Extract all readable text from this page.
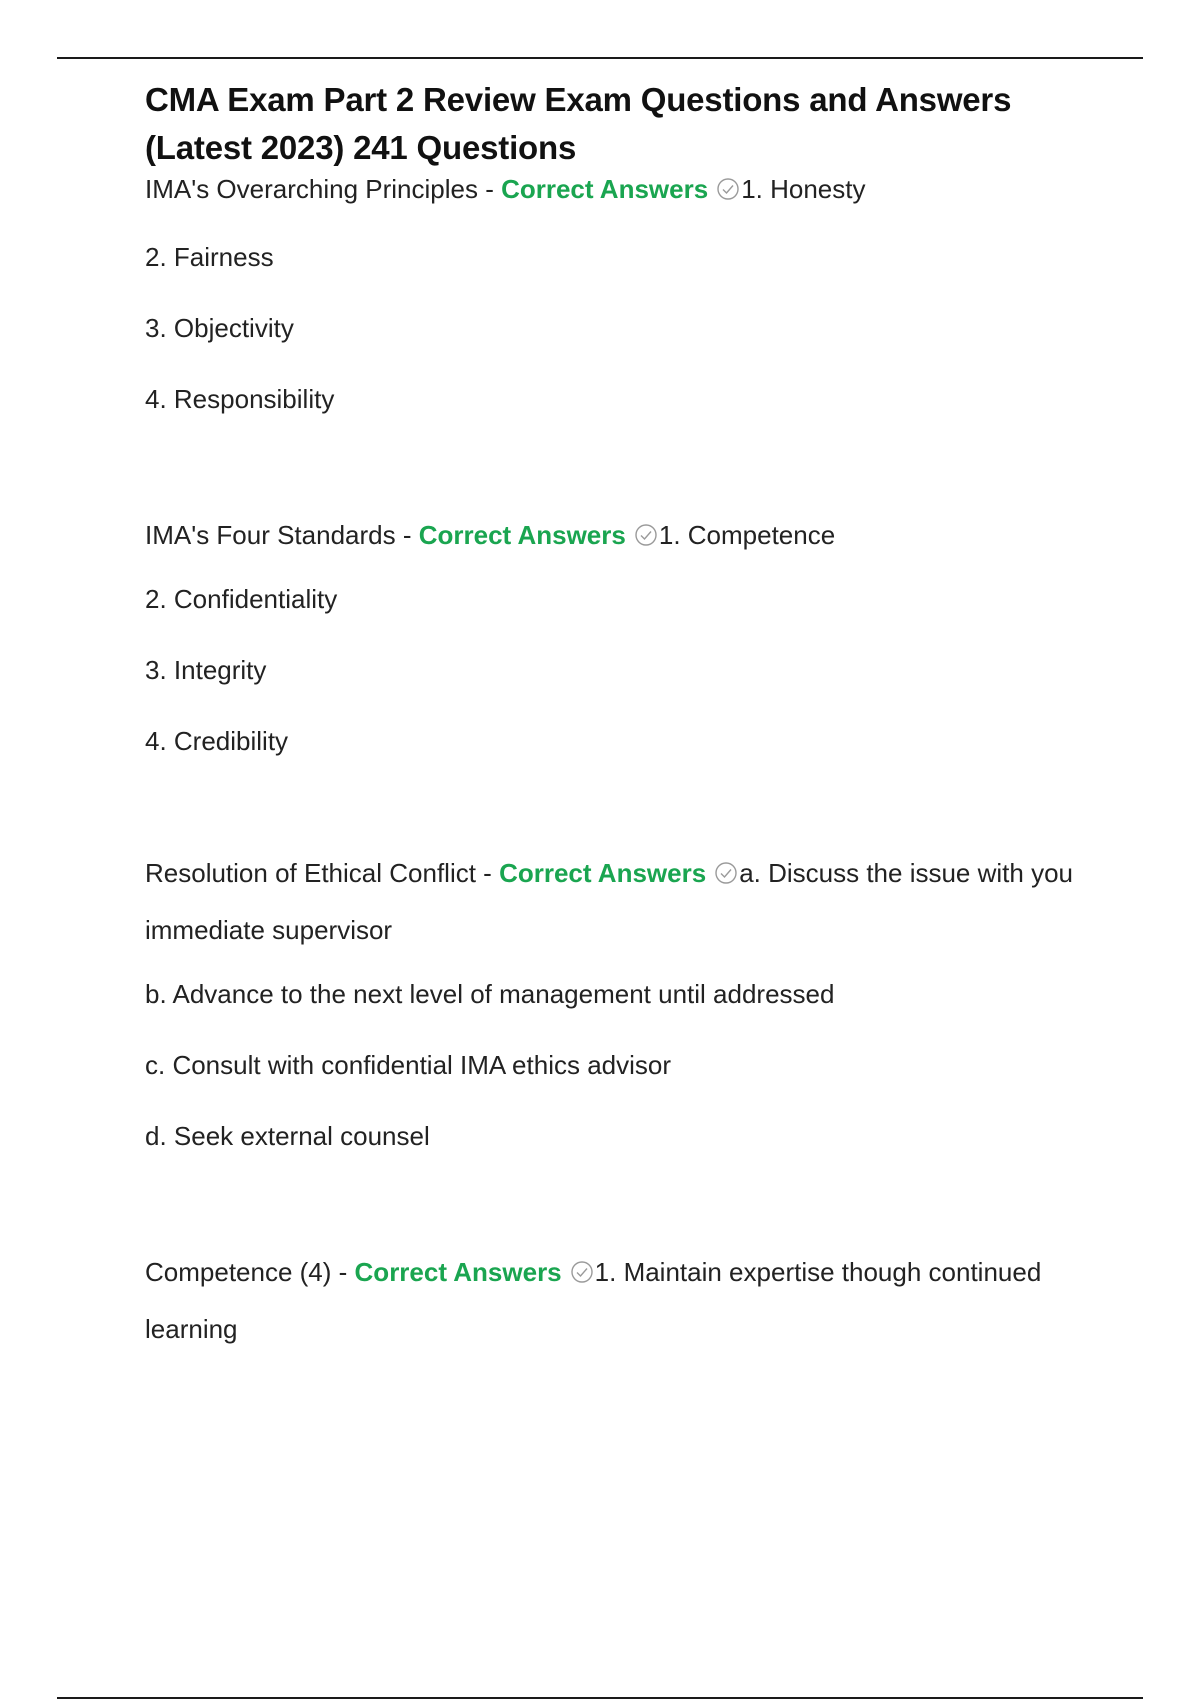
CMA Exam Part 2 Review Exam Questions and Answers (Latest 2023) 241 Questions

IMA's Overarching Principles - Correct Answers 1. Honesty

2. Fairness

3. Objectivity

4. Responsibility

IMA's Four Standards - Correct Answers 1. Competence

2. Confidentiality

3. Integrity

4. Credibility

Resolution of Ethical Conflict - Correct Answers a. Discuss the issue with you immediate supervisor

b. Advance to the next level of management until addressed

c. Consult with confidential IMA ethics advisor

d. Seek external counsel

Competence (4) - Correct Answers 1. Maintain expertise though continued learning
